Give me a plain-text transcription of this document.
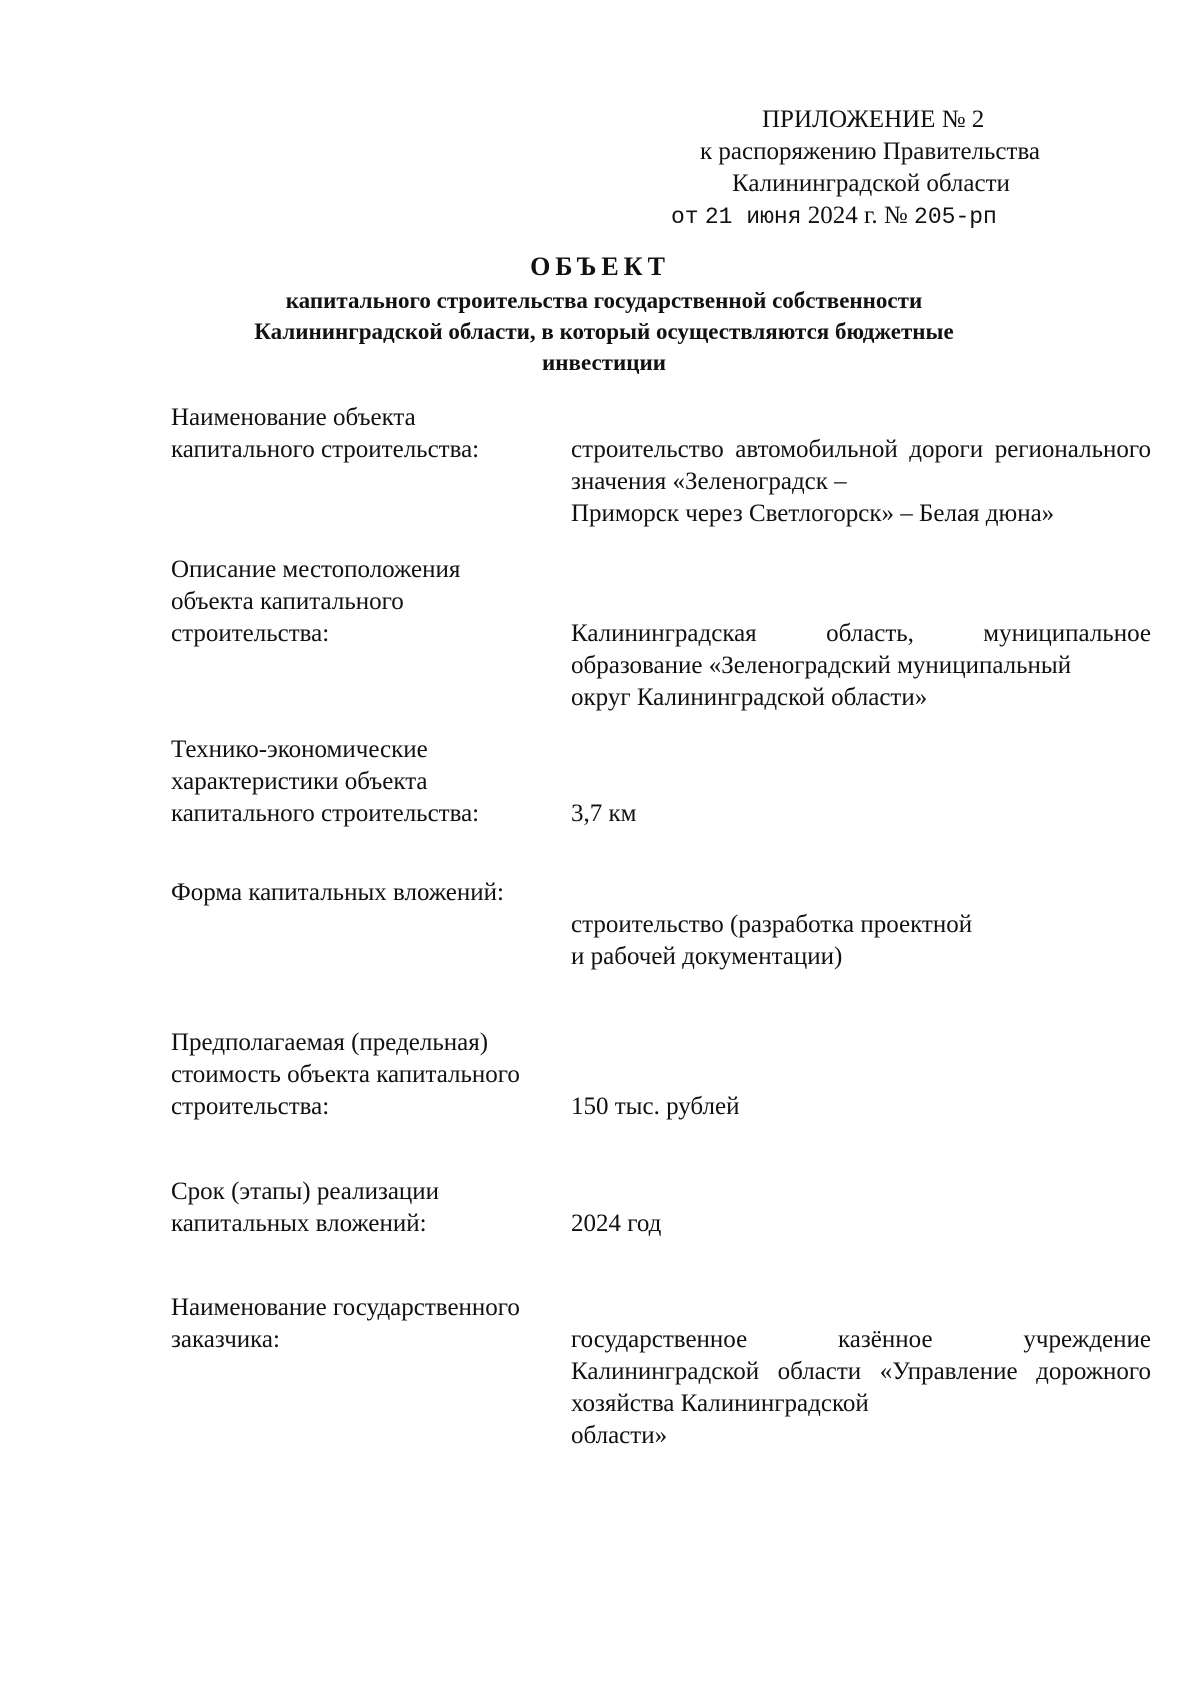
ПРИЛОЖЕНИЕ № 2
к распоряжению Правительства
Калининградской области
от 21 июня 2024 г. № 205-рп
ОБЪЕКТ
капитального строительства государственной собственности Калининградской области, в который осуществляются бюджетные инвестиции
Наименование объекта капитального строительства:	строительство автомобильной дороги регионального значения «Зеленоградск –
Приморск через Светлогорск» – Белая дюна»
Описание местоположения объекта капитального строительства:	Калининградская область, муниципальное образование «Зеленоградский муниципальный
округ Калининградской области»
Технико-экономические характеристики объекта капитального строительства:	3,7 км
Форма капитальных вложений:
строительство (разработка проектной
и рабочей документации)
Предполагаемая (предельная) стоимость объекта капитального строительства:	150 тыс. рублей
Срок (этапы) реализации капитальных вложений:	2024 год
Наименование государственного заказчика:	государственное казённое учреждение Калининградской области «Управление дорожного хозяйства Калининградской
области»
